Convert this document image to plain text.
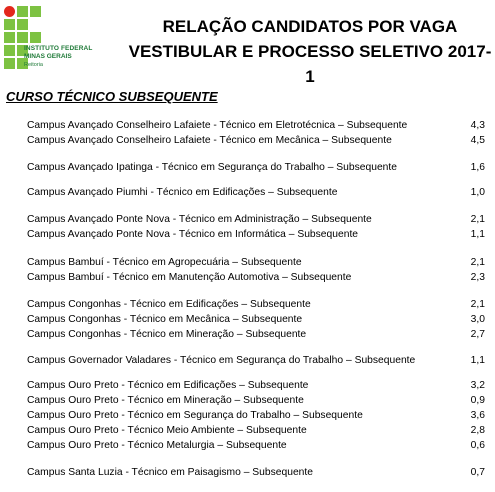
INSTITUTO FEDERAL
MINAS GERAIS
Reitoria
RELAÇÃO CANDIDATOS POR VAGA
VESTIBULAR E PROCESSO SELETIVO 2017-1
CURSO TÉCNICO SUBSEQUENTE
Campus Avançado Conselheiro Lafaiete - Técnico em Eletrotécnica – Subsequente	4,3
Campus Avançado Conselheiro Lafaiete - Técnico em Mecânica – Subsequente	4,5
Campus Avançado Ipatinga - Técnico em Segurança do Trabalho – Subsequente	1,6
Campus Avançado Piumhi - Técnico em Edificações – Subsequente	1,0
Campus Avançado Ponte Nova - Técnico em Administração – Subsequente	2,1
Campus Avançado Ponte Nova - Técnico em Informática – Subsequente	1,1
Campus Bambuí - Técnico em Agropecuária – Subsequente	2,1
Campus Bambuí - Técnico em Manutenção Automotiva – Subsequente	2,3
Campus Congonhas - Técnico em Edificações – Subsequente	2,1
Campus Congonhas - Técnico em Mecânica – Subsequente	3,0
Campus Congonhas - Técnico em Mineração – Subsequente	2,7
Campus Governador Valadares - Técnico em Segurança do Trabalho – Subsequente	1,1
Campus Ouro Preto - Técnico em Edificações – Subsequente	3,2
Campus Ouro Preto - Técnico em Mineração – Subsequente	0,9
Campus Ouro Preto - Técnico em Segurança do Trabalho – Subsequente	3,6
Campus Ouro Preto - Técnico Meio Ambiente – Subsequente	2,8
Campus Ouro Preto - Técnico Metalurgia – Subsequente	0,6
Campus Santa Luzia - Técnico em Paisagismo – Subsequente	0,7
